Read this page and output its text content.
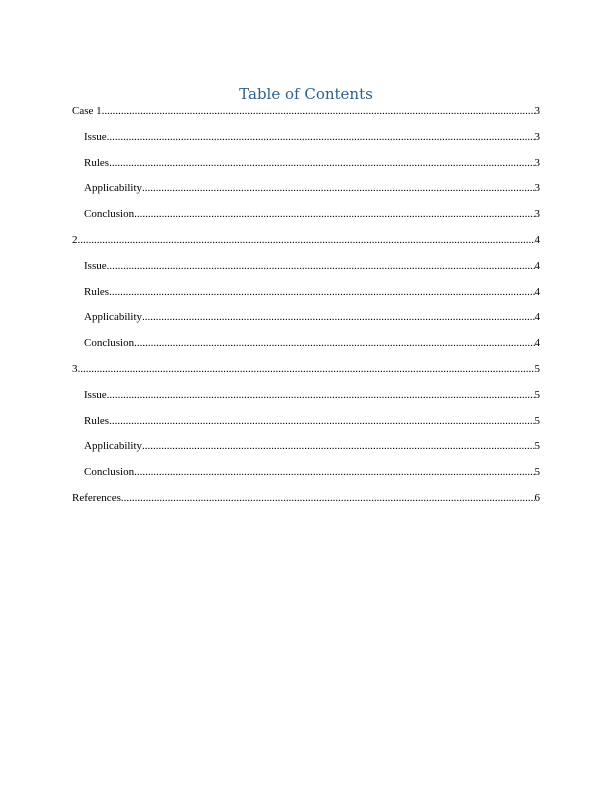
Table of Contents
Case 1 .....	3
Issue .....	3
Rules .....	3
Applicability .....	3
Conclusion .....	3
2 .....	4
Issue .....	4
Rules .....	4
Applicability .....	4
Conclusion .....	4
3 .....	5
Issue .....	5
Rules .....	5
Applicability .....	5
Conclusion .....	5
References .....	6
